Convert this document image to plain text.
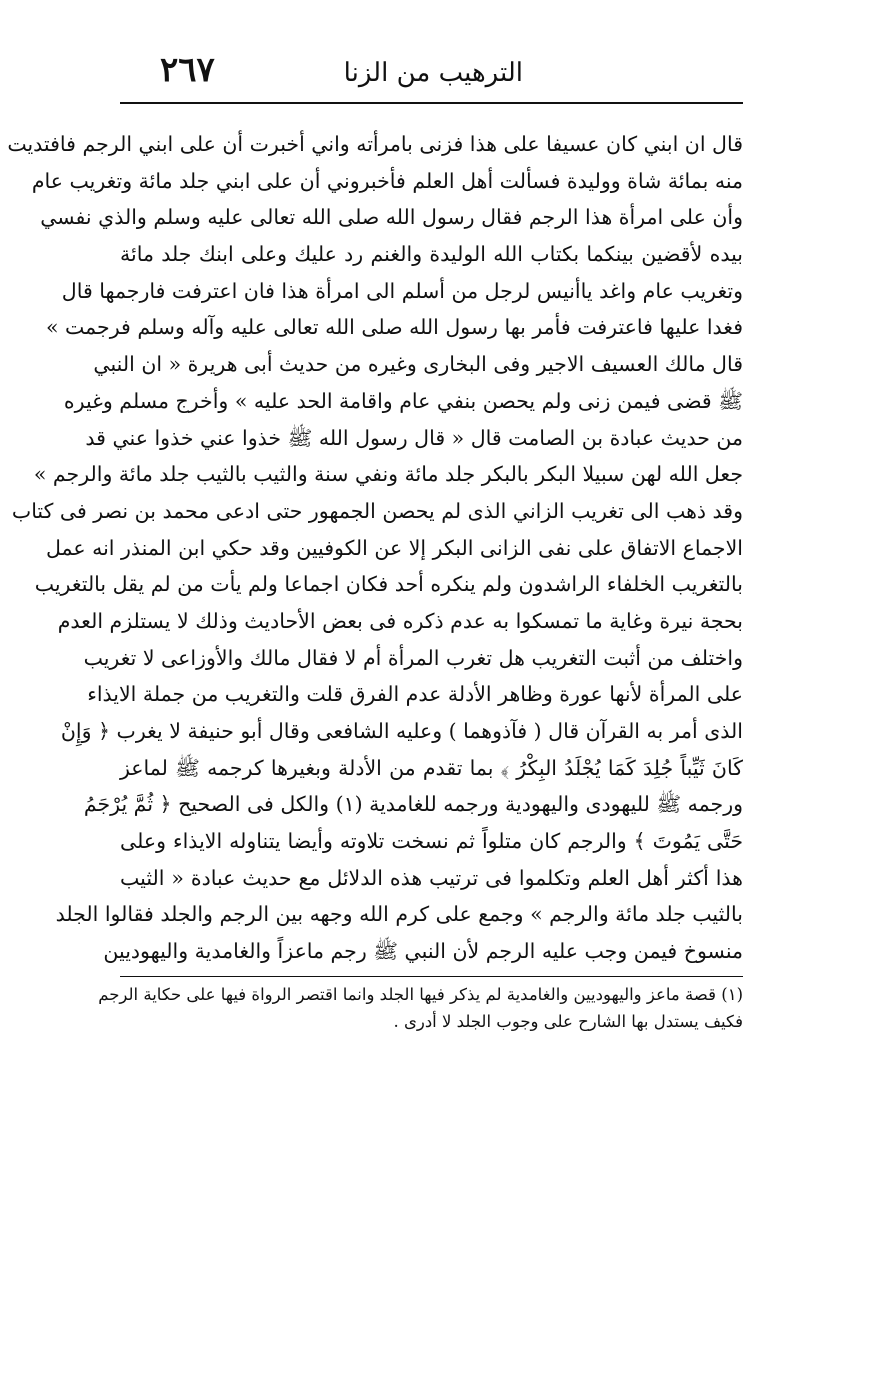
الترهيب من الزنا
٢٦٧
قال ان ابني كان عسيفا على هذا فزنى بامرأته واني أخبرت أن على ابني الرجم فافتديت
منه بمائة شاة ووليدة فسألت أهل العلم فأخبروني أن على ابني جلد مائة وتغريب عام
وأن على امرأة هذا الرجم فقال رسول الله صلى الله تعالى عليه وسلم والذي نفسي
بيده لأقضين بينكما بكتاب الله الوليدة والغنم رد عليك وعلى ابنك جلد مائة
وتغريب عام واغد ياأنيس لرجل من أسلم الى امرأة هذا فان اعترفت فارجمها قال
فغدا عليها فاعترفت فأمر بها رسول الله صلى الله تعالى عليه وآله وسلم فرجمت »
قال مالك العسيف الاجير وفى البخارى وغيره من حديث أبى هريرة « ان النبي
ﷺ قضى فيمن زنى ولم يحصن بنفي عام واقامة الحد عليه » وأخرج مسلم وغيره
من حديث عبادة بن الصامت قال « قال رسول الله ﷺ خذوا عني خذوا عني قد
جعل الله لهن سبيلا البكر بالبكر جلد مائة ونفي سنة والثيب بالثيب جلد مائة والرجم »
وقد ذهب الى تغريب الزاني الذى لم يحصن الجمهور حتى ادعى محمد بن نصر فى كتاب
الاجماع الاتفاق على نفى الزانى البكر إلا عن الكوفيين وقد حكي ابن المنذر انه عمل
بالتغريب الخلفاء الراشدون ولم ينكره أحد فكان اجماعا ولم يأت من لم يقل بالتغريب
بحجة نيرة وغاية ما تمسكوا به عدم ذكره فى بعض الأحاديث وذلك لا يستلزم العدم
واختلف من أثبت التغريب هل تغرب المرأة أم لا فقال مالك والأوزاعى لا تغريب
على المرأة لأنها عورة وظاهر الأدلة عدم الفرق قلت والتغريب من جملة الايذاء
الذى أمر به القرآن قال ( فآذوهما ) وعليه الشافعى وقال أبو حنيفة لا يغرب ﴿ وَإِنْ
كَانَ ثَيِّباً جُلِدَ كَمَا يُجْلَدُ البِكْرُ ﴾ بما تقدم من الأدلة وبغيرها كرجمه ﷺ لماعز
ورجمه ﷺ لليهودى واليهودية ورجمه للغامدية (١) والكل فى الصحيح ﴿ ثُمَّ يُرْجَمُ
حَتَّى يَمُوتَ ﴾ والرجم كان متلواً ثم نسخت تلاوته وأيضا يتناوله الايذاء وعلى
هذا أكثر أهل العلم وتكلموا فى ترتيب هذه الدلائل مع حديث عبادة « الثيب
بالثيب جلد مائة والرجم » وجمع على كرم الله وجهه بين الرجم والجلد فقالوا الجلد
منسوخ فيمن وجب عليه الرجم لأن النبي ﷺ رجم ماعزاً والغامدية واليهوديين
(١) قصة ماعز واليهوديين والغامدية لم يذكر فيها الجلد وانما اقتصر الرواة فيها على حكاية الرجم
فكيف يستدل بها الشارح على وجوب الجلد لا أدرى .
